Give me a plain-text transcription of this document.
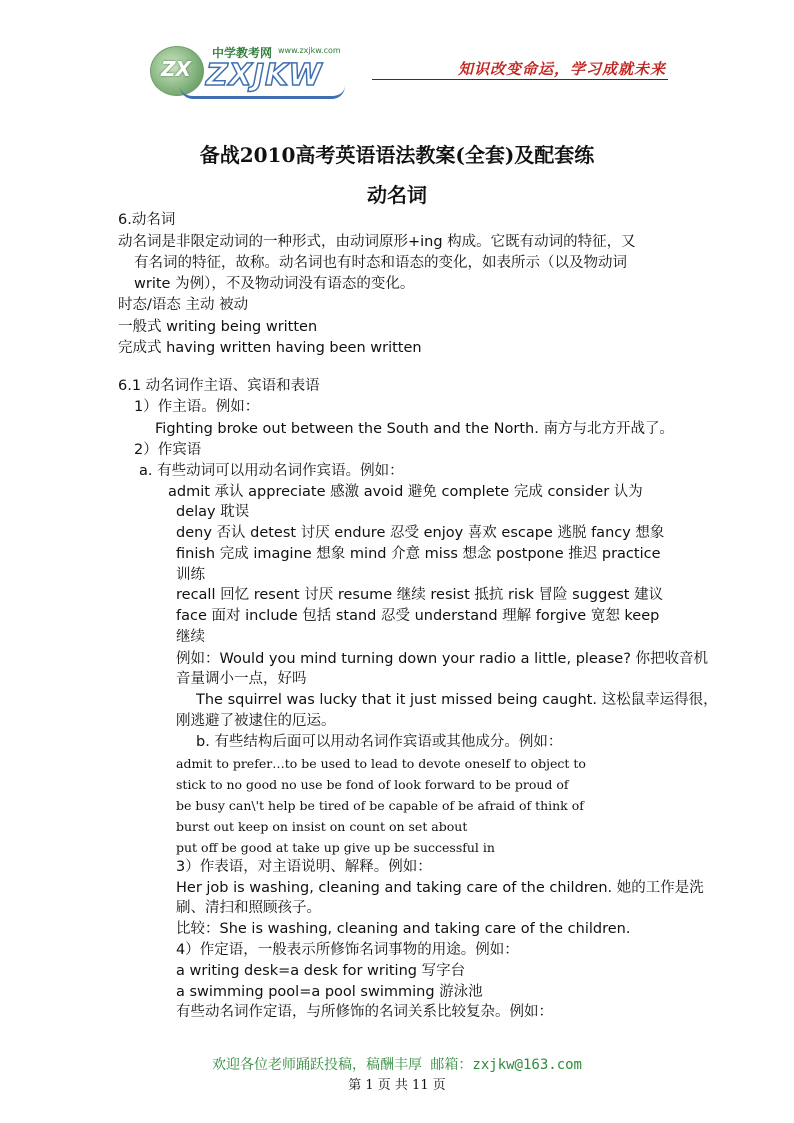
ZX
中学教考网 www.zxjkw.com
ZXJKW	知识改变命运，学习成就未来
备战2010高考英语语法教案(全套)及配套练
动名词
6.动名词
动名词是非限定动词的一种形式，由动词原形+ing 构成。它既有动词的特征，又
有名词的特征，故称。动名词也有时态和语态的变化，如表所示（以及物动词
write 为例），不及物动词没有语态的变化。
时态/语态 主动 被动
一般式 writing being written
完成式 having written having been written
6.1 动名词作主语、宾语和表语
1）作主语。例如：
Fighting broke out between the South and the North. 南方与北方开战了。
2）作宾语
a. 有些动词可以用动名词作宾语。例如：
admit 承认 appreciate 感激 avoid 避免 complete 完成 consider 认为
delay 耽误
deny 否认 detest 讨厌 endure 忍受 enjoy 喜欢 escape 逃脱 fancy 想象
finish 完成 imagine 想象 mind 介意 miss 想念 postpone 推迟 practice
训练
recall 回忆 resent 讨厌 resume 继续 resist 抵抗 risk 冒险 suggest 建议
face 面对 include 包括 stand 忍受 understand 理解 forgive 宽恕 keep
继续
例如：Would you mind turning down your radio a little, please? 你把收音机
音量调小一点，好吗
The squirrel was lucky that it just missed being caught. 这松鼠幸运得很，
刚逃避了被逮住的厄运。
b. 有些结构后面可以用动名词作宾语或其他成分。例如：
admit to prefer…to be used to lead to devote oneself to object to
stick to no good no use be fond of look forward to be proud of
be busy can\'t help be tired of be capable of be afraid of think of
burst out keep on insist on count on set about
put off be good at take up give up be successful in
3）作表语，对主语说明、解释。例如：
Her job is washing, cleaning and taking care of the children. 她的工作是洗
刷、清扫和照顾孩子。
比较：She is washing, cleaning and taking care of the children.
4）作定语，一般表示所修饰名词事物的用途。例如：
a writing desk=a desk for writing 写字台
a swimming pool=a pool swimming 游泳池
有些动名词作定语，与所修饰的名词关系比较复杂。例如：
欢迎各位老师踊跃投稿，稿酬丰厚 邮箱：zxjkw@163.com
第 1 页 共 11 页
